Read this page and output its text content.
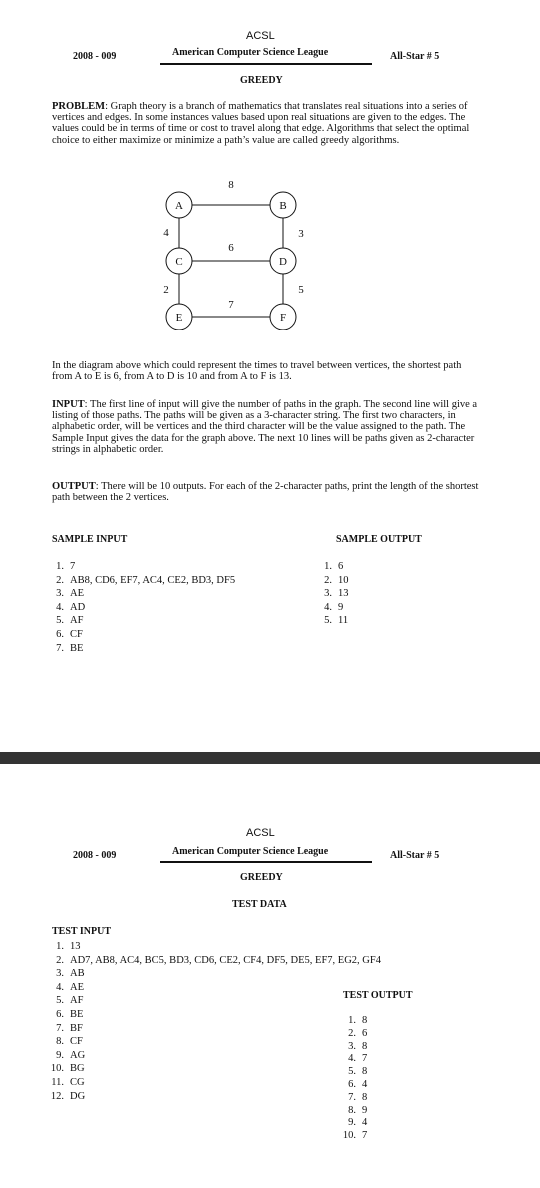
ACSL
2008 - 009	American Computer Science League	All-Star # 5
GREEDY
PROBLEM: Graph theory is a branch of mathematics that translates real situations into a series of vertices and edges. In some instances values based upon real situations are given to the edges. The values could be in terms of time or cost to travel along that edge. Algorithms that select the optimal choice to either maximize or minimize a path’s value are called greedy algorithms.
A	B
C	D
E	F
8
4
6
3
2
7
5
In the diagram above which could represent the times to travel between vertices, the shortest path from A to E is 6, from A to D is 10 and from A to F is 13.
INPUT: The first line of input will give the number of paths in the graph. The second line will give a listing of those paths. The paths will be given as a 3-character string. The first two characters, in alphabetic order, will be vertices and the third character will be the value assigned to the path. The Sample Input gives the data for the graph above. The next 10 lines will be paths given as 2-character strings in alphabetic order.
OUTPUT: There will be 10 outputs. For each of the 2-character paths, print the length of the shortest path between the 2 vertices.
SAMPLE INPUT	SAMPLE OUTPUT
1. 7
2. AB8, CD6, EF7, AC4, CE2, BD3, DF5
3. AE
4. AD
5. AF
6. CF
7. BE
1. 6
2. 10
3. 13
4. 9
5. 11
ACSL
2008 - 009	American Computer Science League	All-Star # 5
GREEDY
TEST DATA
TEST INPUT
1. 13
2. AD7, AB8, AC4, BC5, BD3, CD6, CE2, CF4, DF5, DE5, EF7, EG2, GF4
3. AB
4. AE
5. AF
6. BE
7. BF
8. CF
9. AG
10. BG
11. CG
12. DG
TEST OUTPUT
1. 8
2. 6
3. 8
4. 7
5. 8
6. 4
7. 8
8. 9
9. 4
10. 7
